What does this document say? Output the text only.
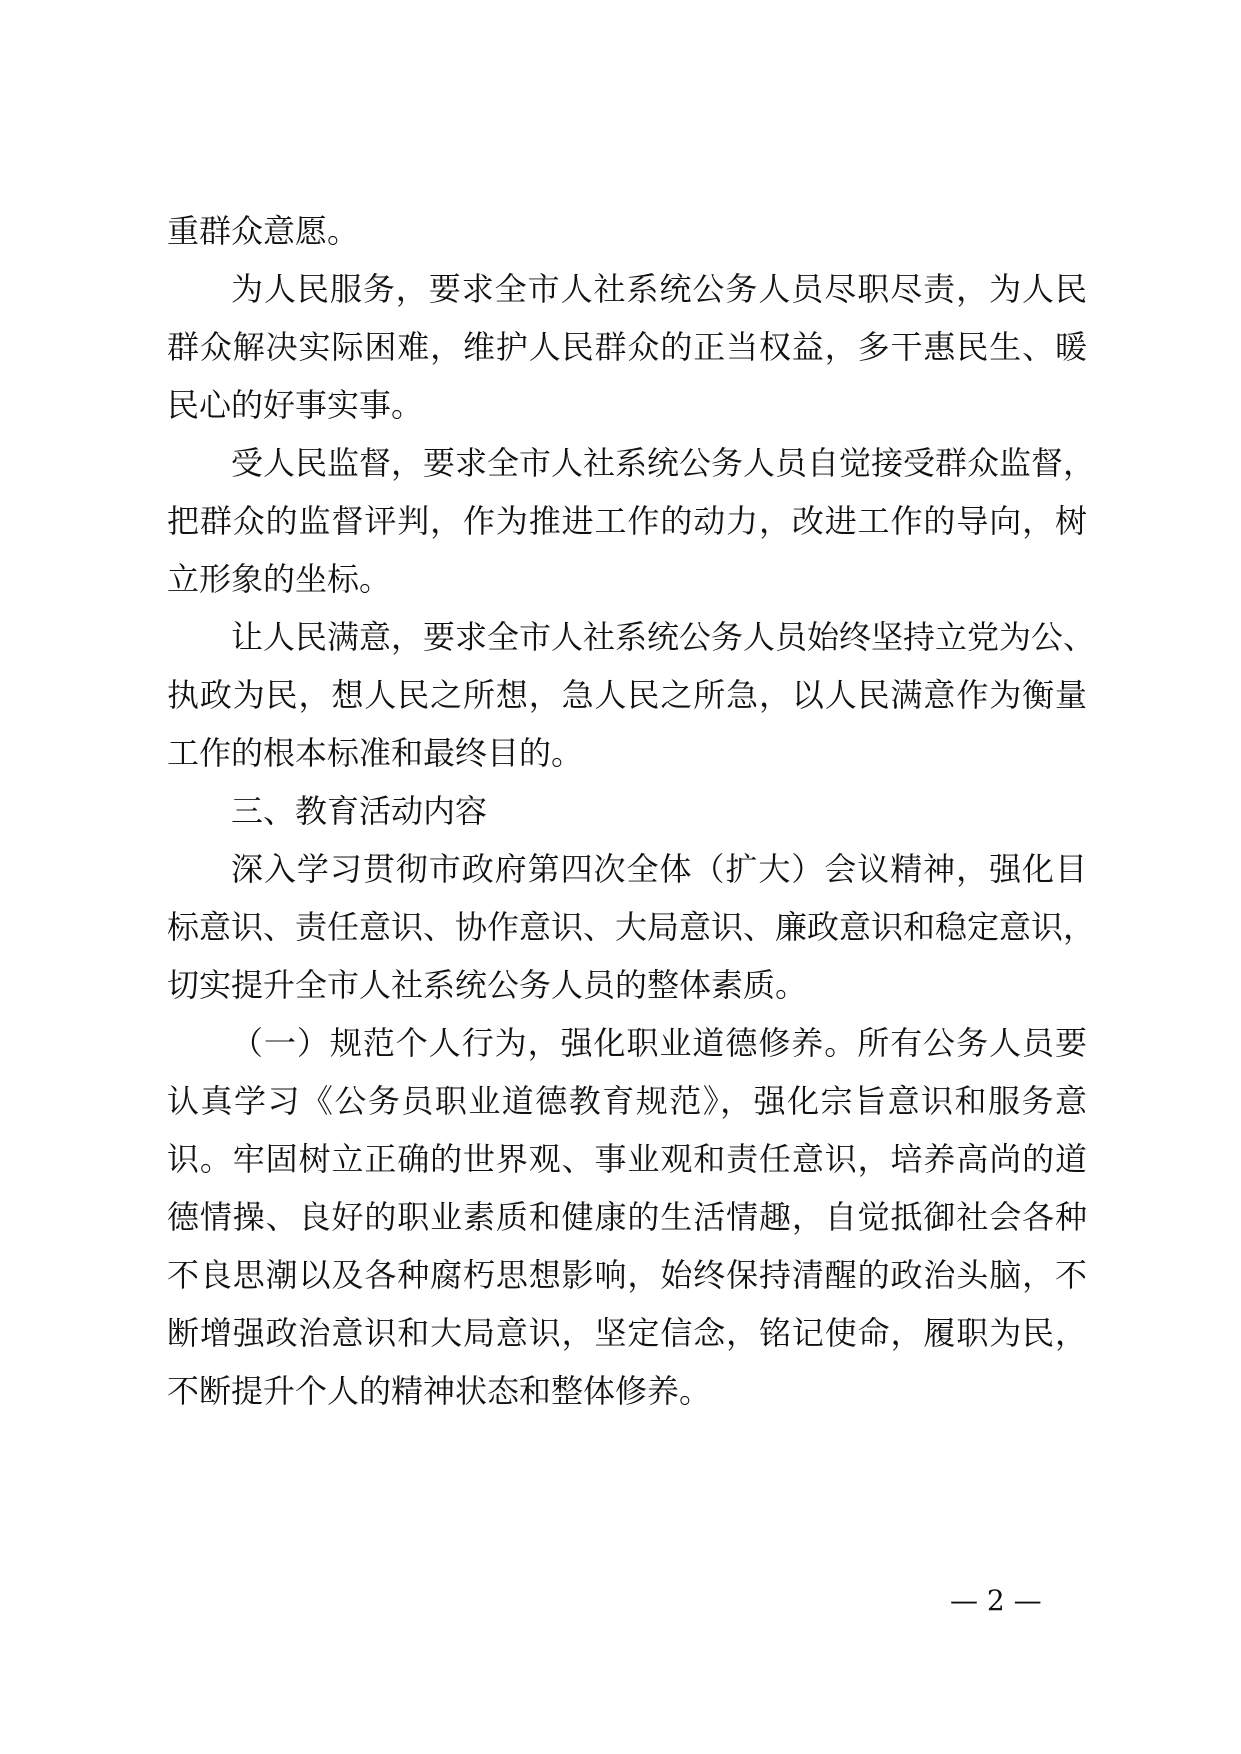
重群众意愿。
为人民服务，要求全市人社系统公务人员尽职尽责，为人民
群众解决实际困难，维护人民群众的正当权益，多干惠民生、暖
民心的好事实事。
受人民监督，要求全市人社系统公务人员自觉接受群众监督，
把群众的监督评判，作为推进工作的动力，改进工作的导向，树
立形象的坐标。
让人民满意，要求全市人社系统公务人员始终坚持立党为公、
执政为民，想人民之所想，急人民之所急，以人民满意作为衡量
工作的根本标准和最终目的。
三、教育活动内容
深入学习贯彻市政府第四次全体（扩大）会议精神，强化目
标意识、责任意识、协作意识、大局意识、廉政意识和稳定意识，
切实提升全市人社系统公务人员的整体素质。
（一）规范个人行为，强化职业道德修养。所有公务人员要
认真学习《公务员职业道德教育规范》，强化宗旨意识和服务意
识。牢固树立正确的世界观、事业观和责任意识，培养高尚的道
德情操、良好的职业素质和健康的生活情趣，自觉抵御社会各种
不良思潮以及各种腐朽思想影响，始终保持清醒的政治头脑，不
断增强政治意识和大局意识，坚定信念，铭记使命，履职为民，
不断提升个人的精神状态和整体修养。
— 2 —
